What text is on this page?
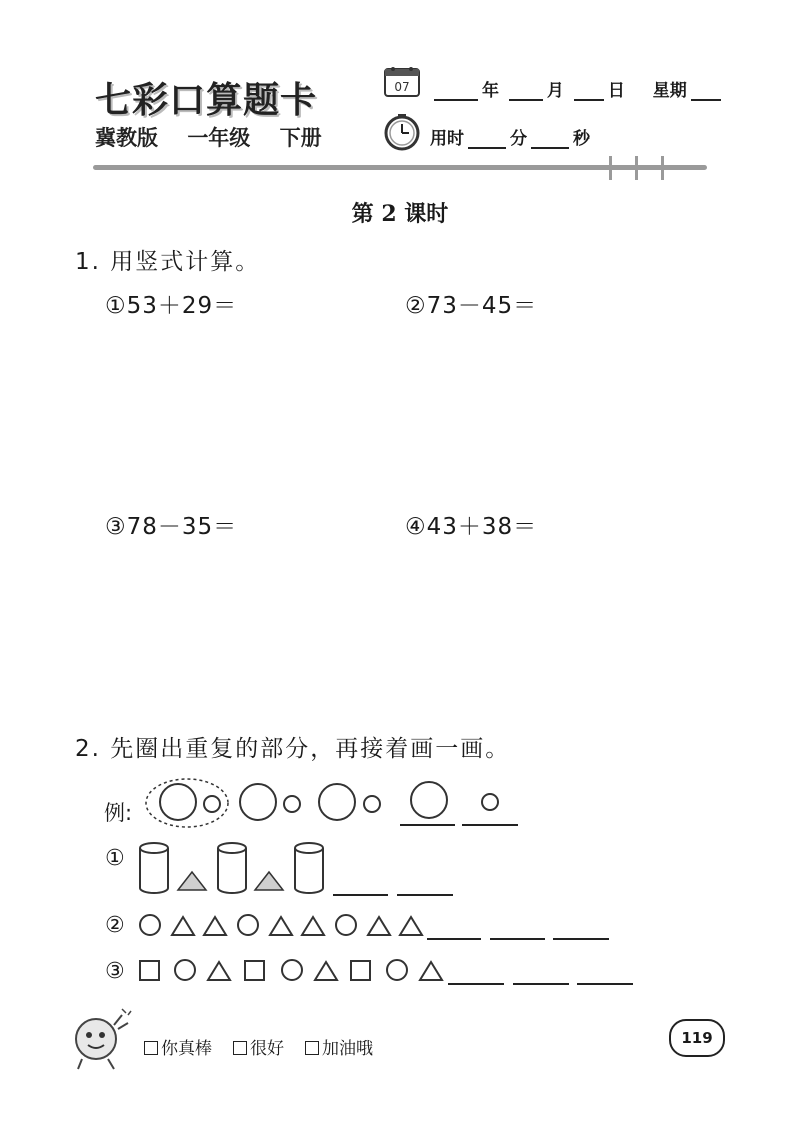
七彩口算题卡
冀教版 一年级 下册
07	年	月	日 星期
用时	分	秒
第 2 课时
1. 用竖式计算。
①53＋29＝	②73－45＝
③78－35＝	④43＋38＝
2. 先圈出重复的部分，再接着画一画。
例:
①
②
③
你真棒	很好	加油哦
119
